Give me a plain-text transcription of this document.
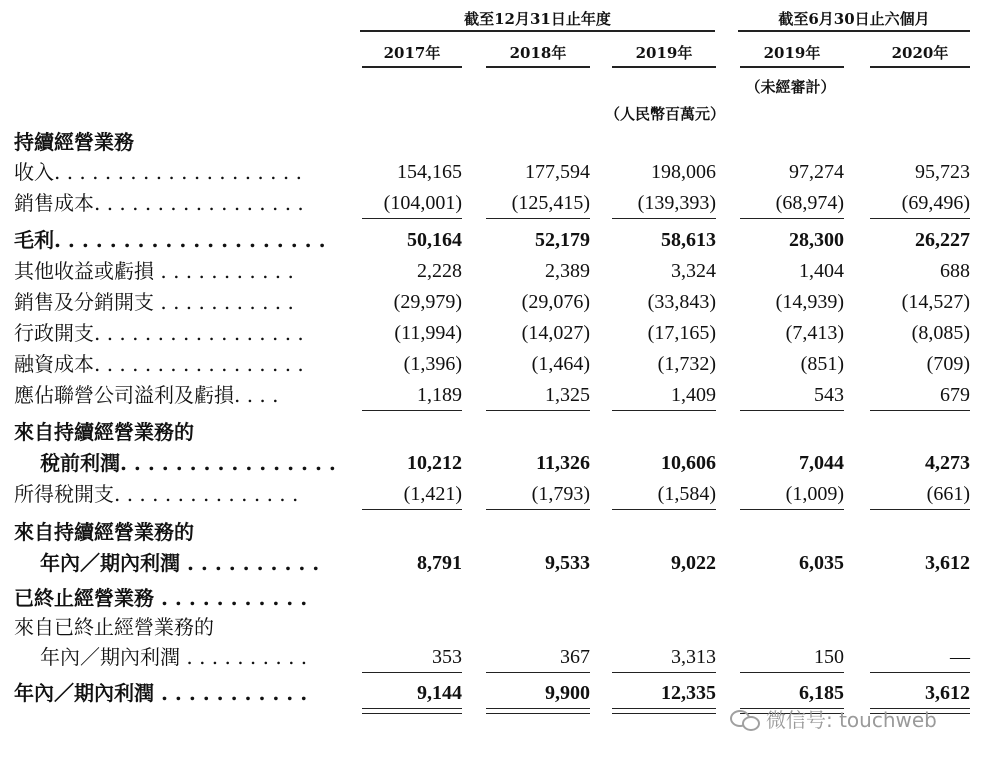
截至12月31日止年度	截至6月30日止六個月
2017年	2018年	2019年	2019年	2020年
（未經審計）
（人民幣百萬元）
持續經營業務
收入. . . . . . . . . . . . . . . . . . . .	154,165	177,594	198,006	97,274	95,723
銷售成本. . . . . . . . . . . . . . . . .	(104,001)	(125,415)	(139,393)	(68,974)	(69,496)
毛利. . . . . . . . . . . . . . . . . . . .	50,164	52,179	58,613	28,300	26,227
其他收益或虧損 . . . . . . . . . . .	2,228	2,389	3,324	1,404	688
銷售及分銷開支 . . . . . . . . . . .	(29,979)	(29,076)	(33,843)	(14,939)	(14,527)
行政開支. . . . . . . . . . . . . . . . .	(11,994)	(14,027)	(17,165)	(7,413)	(8,085)
融資成本. . . . . . . . . . . . . . . . .	(1,396)	(1,464)	(1,732)	(851)	(709)
應佔聯營公司溢利及虧損. . . .	1,189	1,325	1,409	543	679
來自持續經營業務的
稅前利潤. . . . . . . . . . . . . . . .	10,212	11,326	10,606	7,044	4,273
所得稅開支. . . . . . . . . . . . . . .	(1,421)	(1,793)	(1,584)	(1,009)	(661)
來自持續經營業務的
年內／期內利潤 . . . . . . . . . .	8,791	9,533	9,022	6,035	3,612
已終止經營業務 . . . . . . . . . . .
來自已終止經營業務的
年內／期內利潤 . . . . . . . . . .	353	367	3,313	150	—
年內／期內利潤 . . . . . . . . . . .	9,144	9,900	12,335	6,185	3,612
微信号: touchweb
